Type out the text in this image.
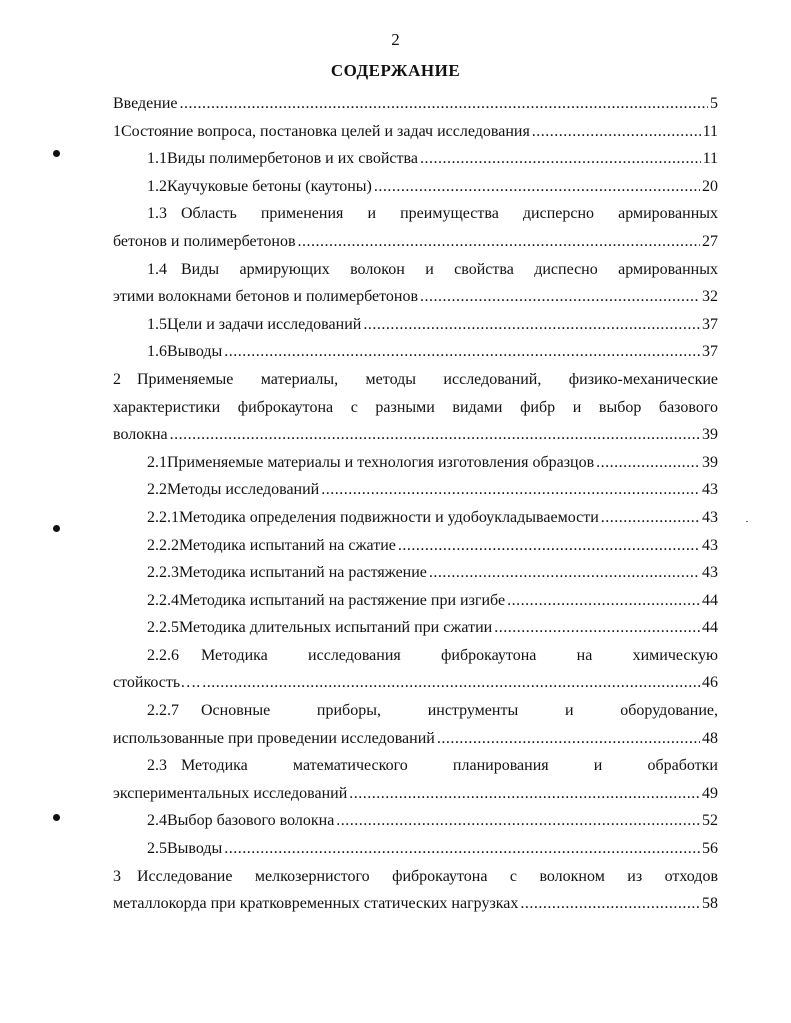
2
СОДЕРЖАНИЕ
Введение .....	5
1 Состояние вопроса, постановка целей и задач исследования .....	11
1.1 Виды полимербетонов и их свойства .....	11
1.2 Каучуковые бетоны (каутоны) .....	20
1.3 Область применения и преимущества дисперсно армированных
бетонов и полимербетонов .....	27
1.4 Виды армирующих волокон и свойства диспесно армированных
этими волокнами бетонов и полимербетонов .....	32
1.5 Цели и задачи исследований .....	37
1.6 Выводы .....	37
2	Применяемые материалы, методы исследований, физико-механические
характеристики фиброкаутона с разными видами фибр и выбор базового
волокна .....	39
2.1 Применяемые материалы и технология изготовления образцов .....	39
2.2 Методы исследований .....	43
2.2.1 Методика определения подвижности и удобоукладываемости .....	43
2.2.2 Методика испытаний на сжатие .....	43
2.2.3 Методика испытаний на растяжение .....	43
2.2.4 Методика испытаний на растяжение при изгибе .....	44
2.2.5 Методика длительных испытаний при сжатии .....	44
2.2.6	Методика исследования фиброкаутона на химическую
стойкость…. .....	46
2.2.7	Основные приборы, инструменты и оборудование,
использованные при проведении исследований .....	48
2.3 Методика математического планирования и обработки
экспериментальных исследований .....	49
2.4 Выбор базового волокна .....	52
2.5 Выводы .....	56
3	Исследование мелкозернистого фиброкаутона с волокном из отходов
металлокорда при кратковременных статических нагрузках .....	58
